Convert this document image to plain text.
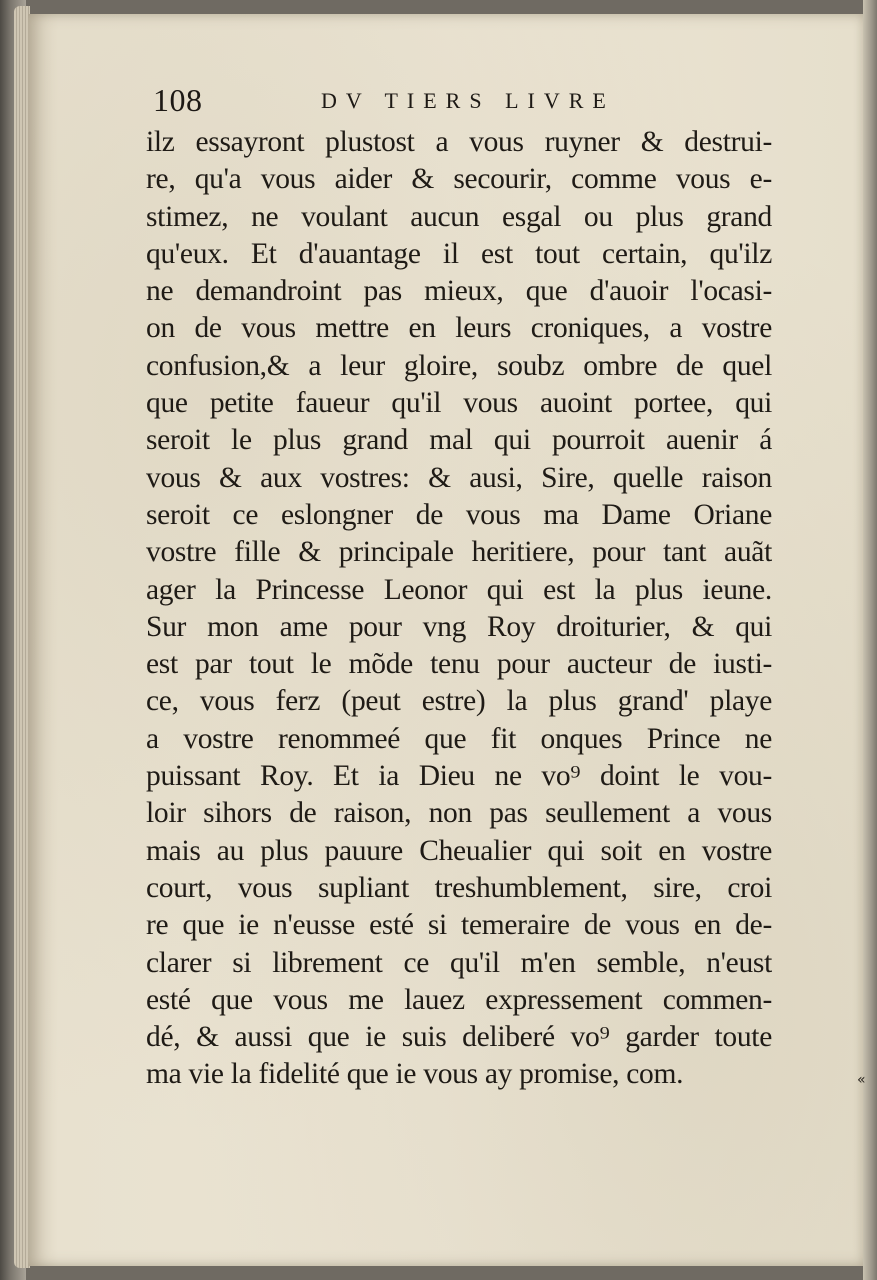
«
108	DV TIERS LIVRE
ilz essayront plustost a vous ruyner & destrui-
re, qu'a vous aider & secourir, comme vous e-
stimez, ne voulant aucun esgal ou plus grand
qu'eux. Et d'auantage il est tout certain, qu'ilz
ne demandroint pas mieux, que d'auoir l'ocasi-
on de vous mettre en leurs croniques, a vostre
confusion,& a leur gloire, soubz ombre de quel
que petite faueur qu'il vous auoint portee, qui
seroit le plus grand mal qui pourroit auenir á
vous & aux vostres: & ausi, Sire, quelle raison
seroit ce eslongner de vous ma Dame Oriane
vostre fille & principale heritiere, pour tant auãt
ager la Princesse Leonor qui est la plus ieune.
Sur mon ame pour vng Roy droiturier, & qui
est par tout le mõde tenu pour aucteur de iusti-
ce, vous ferz (peut estre) la plus grand' playe
a vostre renommeé que fit onques Prince ne
puissant Roy. Et ia Dieu ne vo⁹ doint le vou-
loir sihors de raison, non pas seullement a vous
mais au plus pauure Cheualier qui soit en vostre
court, vous supliant treshumblement, sire, croi
re que ie n'eusse esté si temeraire de vous en de-
clarer si librement ce qu'il m'en semble, n'eust
esté que vous me lauez expressement commen-
dé, & aussi que ie suis deliberé vo⁹ garder toute
ma vie la fidelité que ie vous ay promise, com.
